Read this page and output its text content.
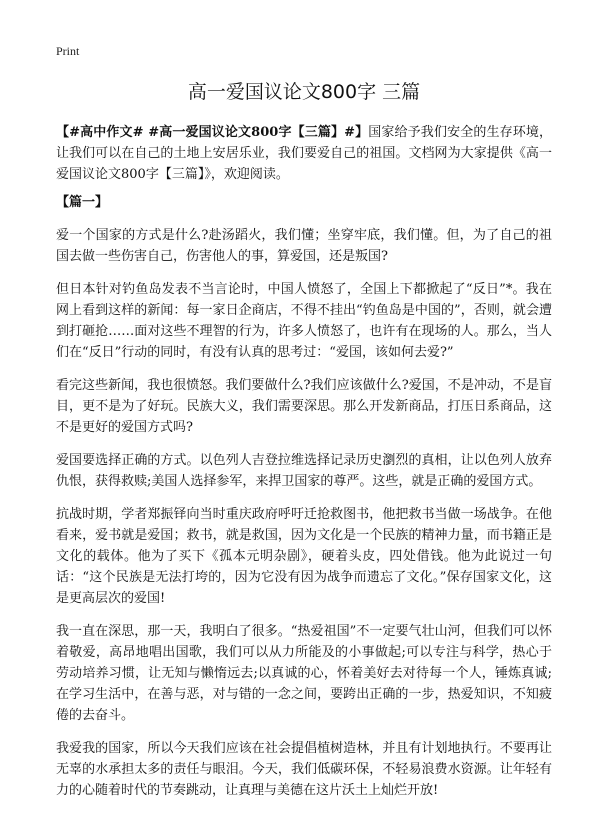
Print
高一爱国议论文800字 三篇

【#高中作文# #高一爱国议论文800字【三篇】#】国家给予我们安全的生存环境，让我们可以在自己的土地上安居乐业，我们要爱自己的祖国。文档网为大家提供《高一爱国议论文800字【三篇】》，欢迎阅读。

【篇一】

爱一个国家的方式是什么?赴汤蹈火，我们懂；坐穿牢底，我们懂。但，为了自己的祖国去做一些伤害自己，伤害他人的事，算爱国，还是叛国?

但日本针对钓鱼岛发表不当言论时，中国人愤怒了，全国上下都掀起了“反日”*。我在网上看到这样的新闻：每一家日企商店，不得不挂出“钓鱼岛是中国的”，否则，就会遭到打砸抢……面对这些不理智的行为，许多人愤怒了，也许有在现场的人。那么，当人们在“反日”行动的同时，有没有认真的思考过：“爱国，该如何去爱?”

看完这些新闻，我也很愤怒。我们要做什么?我们应该做什么?爱国，不是冲动，不是盲目，更不是为了好玩。民族大义，我们需要深思。那么开发新商品，打压日系商品，这不是更好的爱国方式吗?

爱国要选择正确的方式。以色列人吉登拉维选择记录历史瀏烈的真相，让以色列人放弃仇恨，获得救赎;美国人选择参军，来捍卫国家的尊严。这些，就是正确的爱国方式。

抗战时期，学者郑振铎向当时重庆政府呼吁迁抢救图书，他把救书当做一场战争。在他看来，爱书就是爱国；救书，就是救国，因为文化是一个民族的精神力量，而书籍正是文化的载体。他为了买下《孤本元明杂剧》，硬着头皮，四处借钱。他为此说过一句话：“这个民族是无法打垮的，因为它没有因为战争而遗忘了文化。”保存国家文化，这是更高层次的爱国!

我一直在深思，那一天，我明白了很多。“热爱祖国”不一定要气壮山河，但我们可以怀着敬爱，高昂地唱出国歌，我们可以从力所能及的小事做起;可以专注与科学，热心于劳动培养习惯，让无知与懒惰远去;以真诚的心，怀着美好去对待每一个人，锤炼真诚;在学习生活中，在善与恶，对与错的一念之间，要跨出正确的一步，热爱知识，不知疲倦的去奋斗。

我爱我的国家，所以今天我们应该在社会提倡植树造林，并且有计划地执行。不要再让无辜的水承担太多的责任与眼泪。今天，我们低碳环保，不轻易浪费水资源。让年轻有力的心随着时代的节奏跳动，让真理与美德在这片沃土上灿烂开放!
